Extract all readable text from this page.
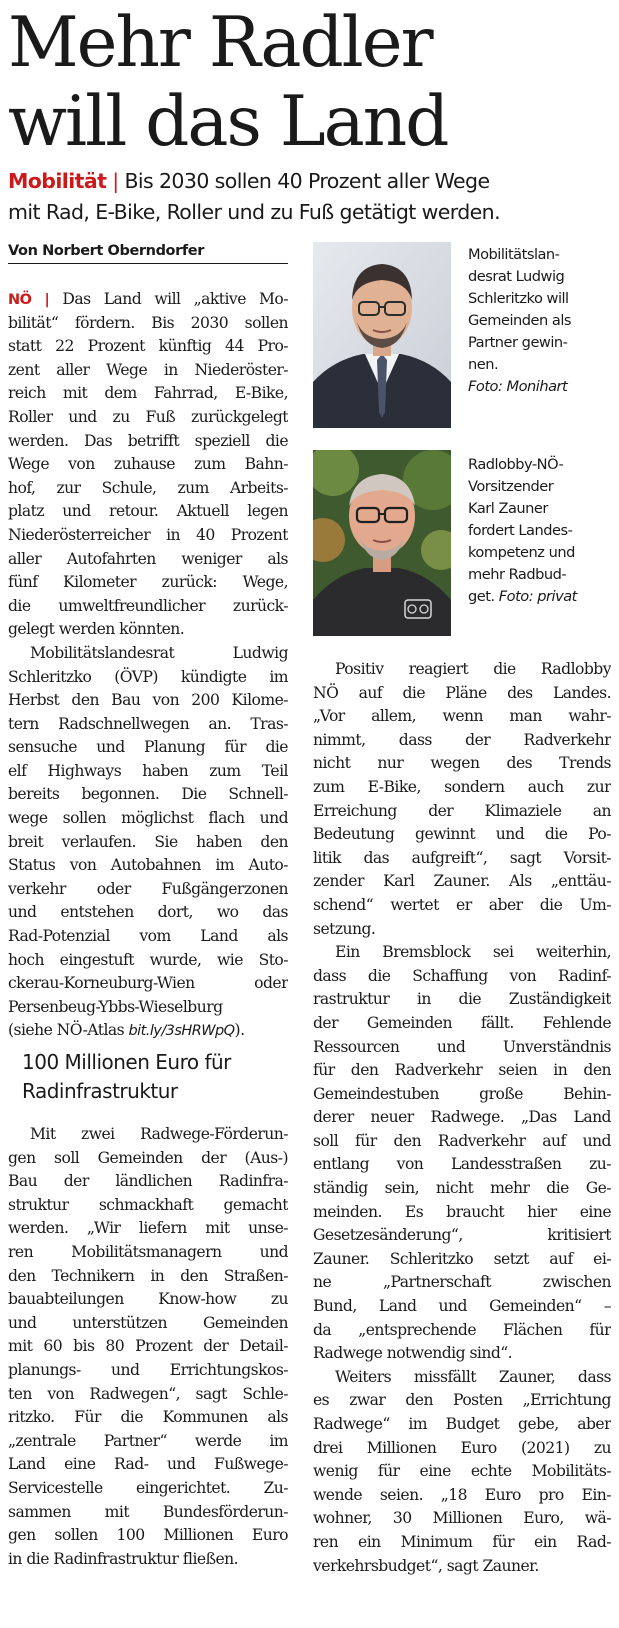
Mehr Radler
will das Land

Mobilität | Bis 2030 sollen 40 Prozent aller Wege
mit Rad, E-Bike, Roller und zu Fuß getätigt werden.

Von Norbert Oberndorfer
NÖ | Das Land will „aktive Mo-
bilität“ fördern. Bis 2030 sollen
statt 22 Prozent künftig 44 Pro-
zent aller Wege in Niederöster-
reich mit dem Fahrrad, E-Bike,
Roller und zu Fuß zurückgelegt
werden. Das betrifft speziell die
Wege von zuhause zum Bahn-
hof, zur Schule, zum Arbeits-
platz und retour. Aktuell legen
Niederösterreicher in 40 Prozent
aller Autofahrten weniger als
fünf Kilometer zurück: Wege,
die umweltfreundlicher zurück-
gelegt werden könnten.
Mobilitätslandesrat Ludwig
Schleritzko (ÖVP) kündigte im
Herbst den Bau von 200 Kilome-
tern Radschnellwegen an. Tras-
sensuche und Planung für die
elf Highways haben zum Teil
bereits begonnen. Die Schnell-
wege sollen möglichst flach und
breit verlaufen. Sie haben den
Status von Autobahnen im Auto-
verkehr oder Fußgängerzonen
und entstehen dort, wo das
Rad-Potenzial vom Land als
hoch eingestuft wurde, wie Sto-
ckerau-Korneuburg-Wien oder
Persenbeug-Ybbs-Wieselburg
(siehe NÖ-Atlas bit.ly/3sHRWpQ).
100 Millionen Euro für
Radinfrastruktur
Mit zwei Radwege-Förderun-
gen soll Gemeinden der (Aus-)
Bau der ländlichen Radinfra-
struktur schmackhaft gemacht
werden. „Wir liefern mit unse-
ren Mobilitätsmanagern und
den Technikern in den Straßen-
bauabteilungen Know-how zu
und unterstützen Gemeinden
mit 60 bis 80 Prozent der Detail-
planungs- und Errichtungskos-
ten von Radwegen“, sagt Schle-
ritzko. Für die Kommunen als
„zentrale Partner“ werde im
Land eine Rad- und Fußwege-
Servicestelle eingerichtet. Zu-
sammen mit Bundesförderun-
gen sollen 100 Millionen Euro
in die Radinfrastruktur fließen.
Mobilitätslan-
desrat Ludwig
Schleritzko will
Gemeinden als
Partner gewin-
nen.
Foto: Monihart
Radlobby-NÖ-
Vorsitzender
Karl Zauner
fordert Landes-
kompetenz und
mehr Radbud-
get. Foto: privat
Positiv reagiert die Radlobby
NÖ auf die Pläne des Landes.
„Vor allem, wenn man wahr-
nimmt, dass der Radverkehr
nicht nur wegen des Trends
zum E-Bike, sondern auch zur
Erreichung der Klimaziele an
Bedeutung gewinnt und die Po-
litik das aufgreift“, sagt Vorsit-
zender Karl Zauner. Als „enttäu-
schend“ wertet er aber die Um-
setzung.
Ein Bremsblock sei weiterhin,
dass die Schaffung von Radinf-
rastruktur in die Zuständigkeit
der Gemeinden fällt. Fehlende
Ressourcen und Unverständnis
für den Radverkehr seien in den
Gemeindestuben große Behin-
derer neuer Radwege. „Das Land
soll für den Radverkehr auf und
entlang von Landesstraßen zu-
ständig sein, nicht mehr die Ge-
meinden. Es braucht hier eine
Gesetzesänderung“, kritisiert
Zauner. Schleritzko setzt auf ei-
ne „Partnerschaft zwischen
Bund, Land und Gemeinden“ –
da „entsprechende Flächen für
Radwege notwendig sind“.
Weiters missfällt Zauner, dass
es zwar den Posten „Errichtung
Radwege“ im Budget gebe, aber
drei Millionen Euro (2021) zu
wenig für eine echte Mobilitäts-
wende seien. „18 Euro pro Ein-
wohner, 30 Millionen Euro, wä-
ren ein Minimum für ein Rad-
verkehrsbudget“, sagt Zauner.
